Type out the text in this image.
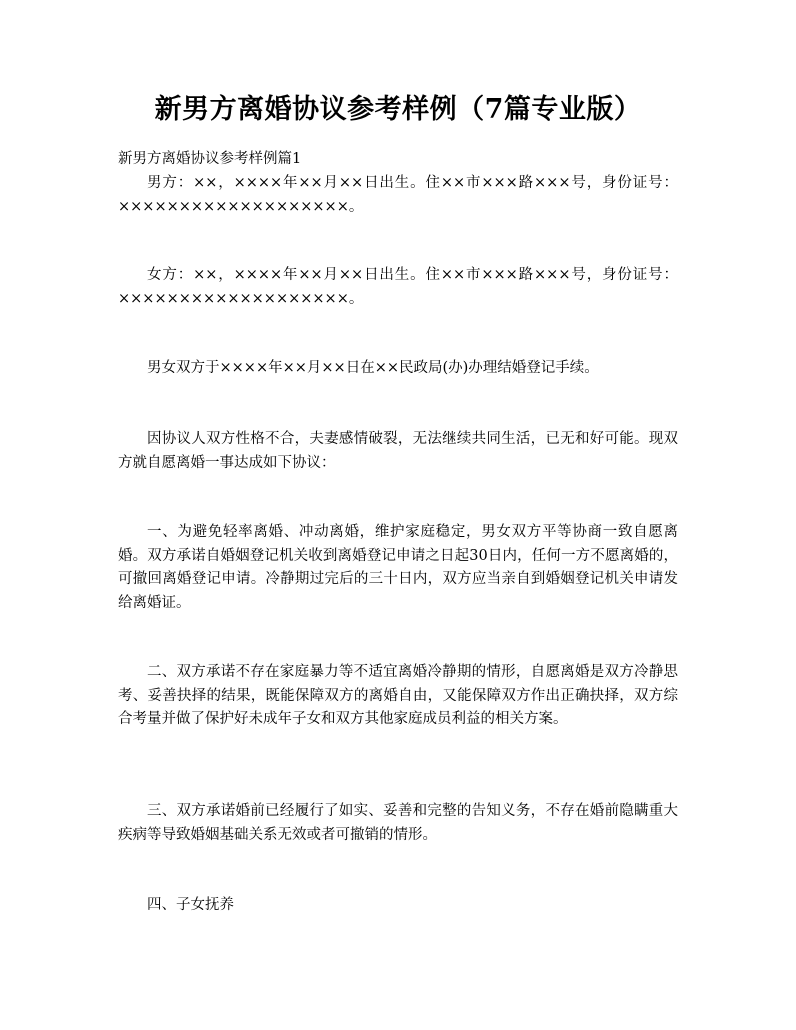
新男方离婚协议参考样例（7篇专业版）
新男方离婚协议参考样例篇1
男方：××，××××年××月××日出生。住××市×××路×××号，身份证号：×××××××××××××××××××。
女方：××，××××年××月××日出生。住××市×××路×××号，身份证号：×××××××××××××××××××。
男女双方于××××年××月××日在××民政局(办)办理结婚登记手续。
因协议人双方性格不合，夫妻感情破裂，无法继续共同生活，已无和好可能。现双方就自愿离婚一事达成如下协议：
一、为避免轻率离婚、冲动离婚，维护家庭稳定，男女双方平等协商一致自愿离婚。双方承诺自婚姻登记机关收到离婚登记申请之日起30日内，任何一方不愿离婚的，可撤回离婚登记申请。冷静期过完后的三十日内，双方应当亲自到婚姻登记机关申请发给离婚证。
二、双方承诺不存在家庭暴力等不适宜离婚冷静期的情形，自愿离婚是双方冷静思考、妥善抉择的结果，既能保障双方的离婚自由，又能保障双方作出正确抉择，双方综合考量并做了保护好未成年子女和双方其他家庭成员利益的相关方案。
三、双方承诺婚前已经履行了如实、妥善和完整的告知义务，不存在婚前隐瞒重大疾病等导致婚姻基础关系无效或者可撤销的情形。
四、子女抚养
